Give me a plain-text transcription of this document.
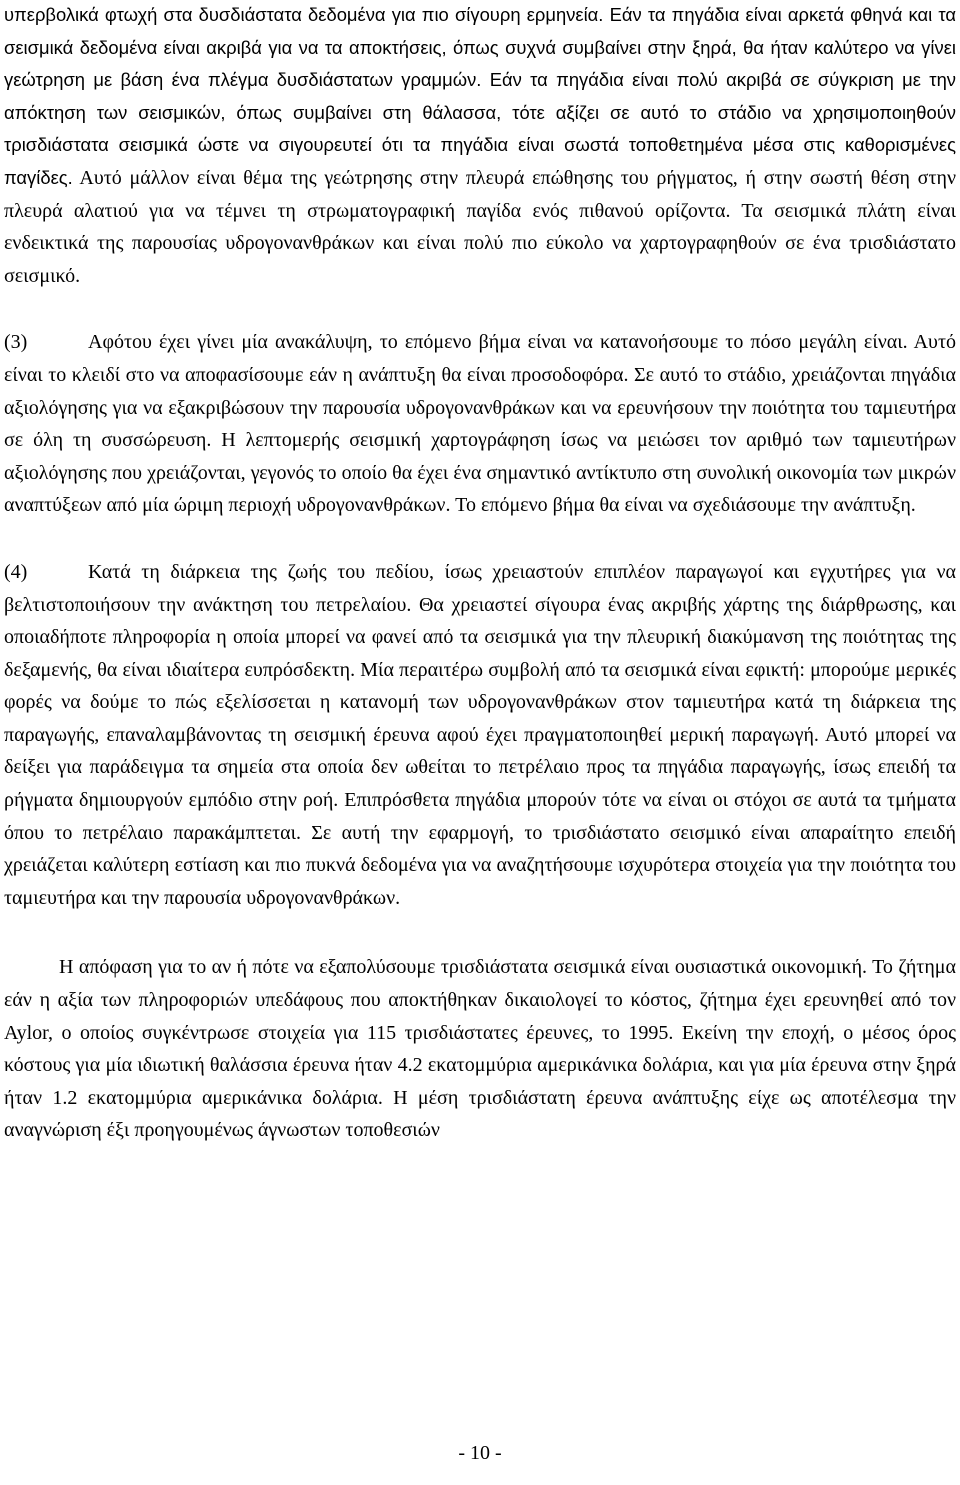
υπερβολικά φτωχή στα δυσδιάστατα δεδομένα για πιο σίγουρη ερμηνεία. Εάν τα πηγάδια είναι αρκετά φθηνά και τα σεισμικά δεδομένα είναι ακριβά για να τα αποκτήσεις, όπως συχνά συμβαίνει στην ξηρά, θα ήταν καλύτερο να γίνει γεώτρηση με βάση ένα πλέγμα δυσδιάστατων γραμμών. Εάν τα πηγάδια είναι πολύ ακριβά σε σύγκριση με την απόκτηση των σεισμικών, όπως συμβαίνει στη θάλασσα, τότε αξίζει σε αυτό το στάδιο να χρησιμοποιηθούν τρισδιάστατα σεισμικά ώστε να σιγουρευτεί ότι τα πηγάδια είναι σωστά τοποθετημένα μέσα στις καθορισμένες παγίδες. Αυτό μάλλον είναι θέμα της γεώτρησης στην πλευρά επώθησης του ρήγματος, ή στην σωστή θέση στην πλευρά αλατιού για να τέμνει τη στρωματογραφική παγίδα ενός πιθανού ορίζοντα. Τα σεισμικά πλάτη είναι ενδεικτικά της παρουσίας υδρογονανθράκων και είναι πολύ πιο εύκολο να χαρτογραφηθούν σε ένα τρισδιάστατο σεισμικό.

(3)	Αφότου έχει γίνει μία ανακάλυψη, το επόμενο βήμα είναι να κατανοήσουμε το πόσο μεγάλη είναι. Αυτό είναι το κλειδί στο να αποφασίσουμε εάν η ανάπτυξη θα είναι προσοδοφόρα. Σε αυτό το στάδιο, χρειάζονται πηγάδια αξιολόγησης για να εξακριβώσουν την παρουσία υδρογονανθράκων και να ερευνήσουν την ποιότητα του ταμιευτήρα σε όλη τη συσσώρευση. Η λεπτομερής σεισμική χαρτογράφηση ίσως να μειώσει τον αριθμό των ταμιευτήρων αξιολόγησης που χρειάζονται, γεγονός το οποίο θα έχει ένα σημαντικό αντίκτυπο στη συνολική οικονομία των μικρών αναπτύξεων από μία ώριμη περιοχή υδρογονανθράκων. Το επόμενο βήμα θα είναι να σχεδιάσουμε την ανάπτυξη.

(4)	Κατά τη διάρκεια της ζωής του πεδίου, ίσως χρειαστούν επιπλέον παραγωγοί και εγχυτήρες για να βελτιστοποιήσουν την ανάκτηση του πετρελαίου. Θα χρειαστεί σίγουρα ένας ακριβής χάρτης της διάρθρωσης, και οποιαδήποτε πληροφορία η οποία μπορεί να φανεί από τα σεισμικά για την πλευρική διακύμανση της ποιότητας της δεξαμενής, θα είναι ιδιαίτερα ευπρόσδεκτη. Μία περαιτέρω συμβολή από τα σεισμικά είναι εφικτή: μπορούμε μερικές φορές να δούμε το πώς εξελίσσεται η κατανομή των υδρογονανθράκων στον ταμιευτήρα κατά τη διάρκεια της παραγωγής, επαναλαμβάνοντας τη σεισμική έρευνα αφού έχει πραγματοποιηθεί μερική παραγωγή. Αυτό μπορεί να δείξει για παράδειγμα τα σημεία στα οποία δεν ωθείται το πετρέλαιο προς τα πηγάδια παραγωγής, ίσως επειδή τα ρήγματα δημιουργούν εμπόδιο στην ροή. Επιπρόσθετα πηγάδια μπορούν τότε να είναι οι στόχοι σε αυτά τα τμήματα όπου το πετρέλαιο παρακάμπτεται. Σε αυτή την εφαρμογή, το τρισδιάστατο σεισμικό είναι απαραίτητο επειδή χρειάζεται καλύτερη εστίαση και πιο πυκνά δεδομένα για να αναζητήσουμε ισχυρότερα στοιχεία για την ποιότητα του ταμιευτήρα και την παρουσία υδρογονανθράκων.

Η απόφαση για το αν ή πότε να εξαπολύσουμε τρισδιάστατα σεισμικά είναι ουσιαστικά οικονομική. Το ζήτημα εάν η αξία των πληροφοριών υπεδάφους που αποκτήθηκαν δικαιολογεί το κόστος, ζήτημα έχει ερευνηθεί από τον Aylor, ο οποίος συγκέντρωσε στοιχεία για 115 τρισδιάστατες έρευνες, το 1995. Εκείνη την εποχή, ο μέσος όρος κόστους για μία ιδιωτική θαλάσσια έρευνα ήταν 4.2 εκατομμύρια αμερικάνικα δολάρια, και για μία έρευνα στην ξηρά ήταν 1.2 εκατομμύρια αμερικάνικα δολάρια. Η μέση τρισδιάστατη έρευνα ανάπτυξης είχε ως αποτέλεσμα την αναγνώριση έξι προηγουμένως άγνωστων τοποθεσιών

- 10 -
